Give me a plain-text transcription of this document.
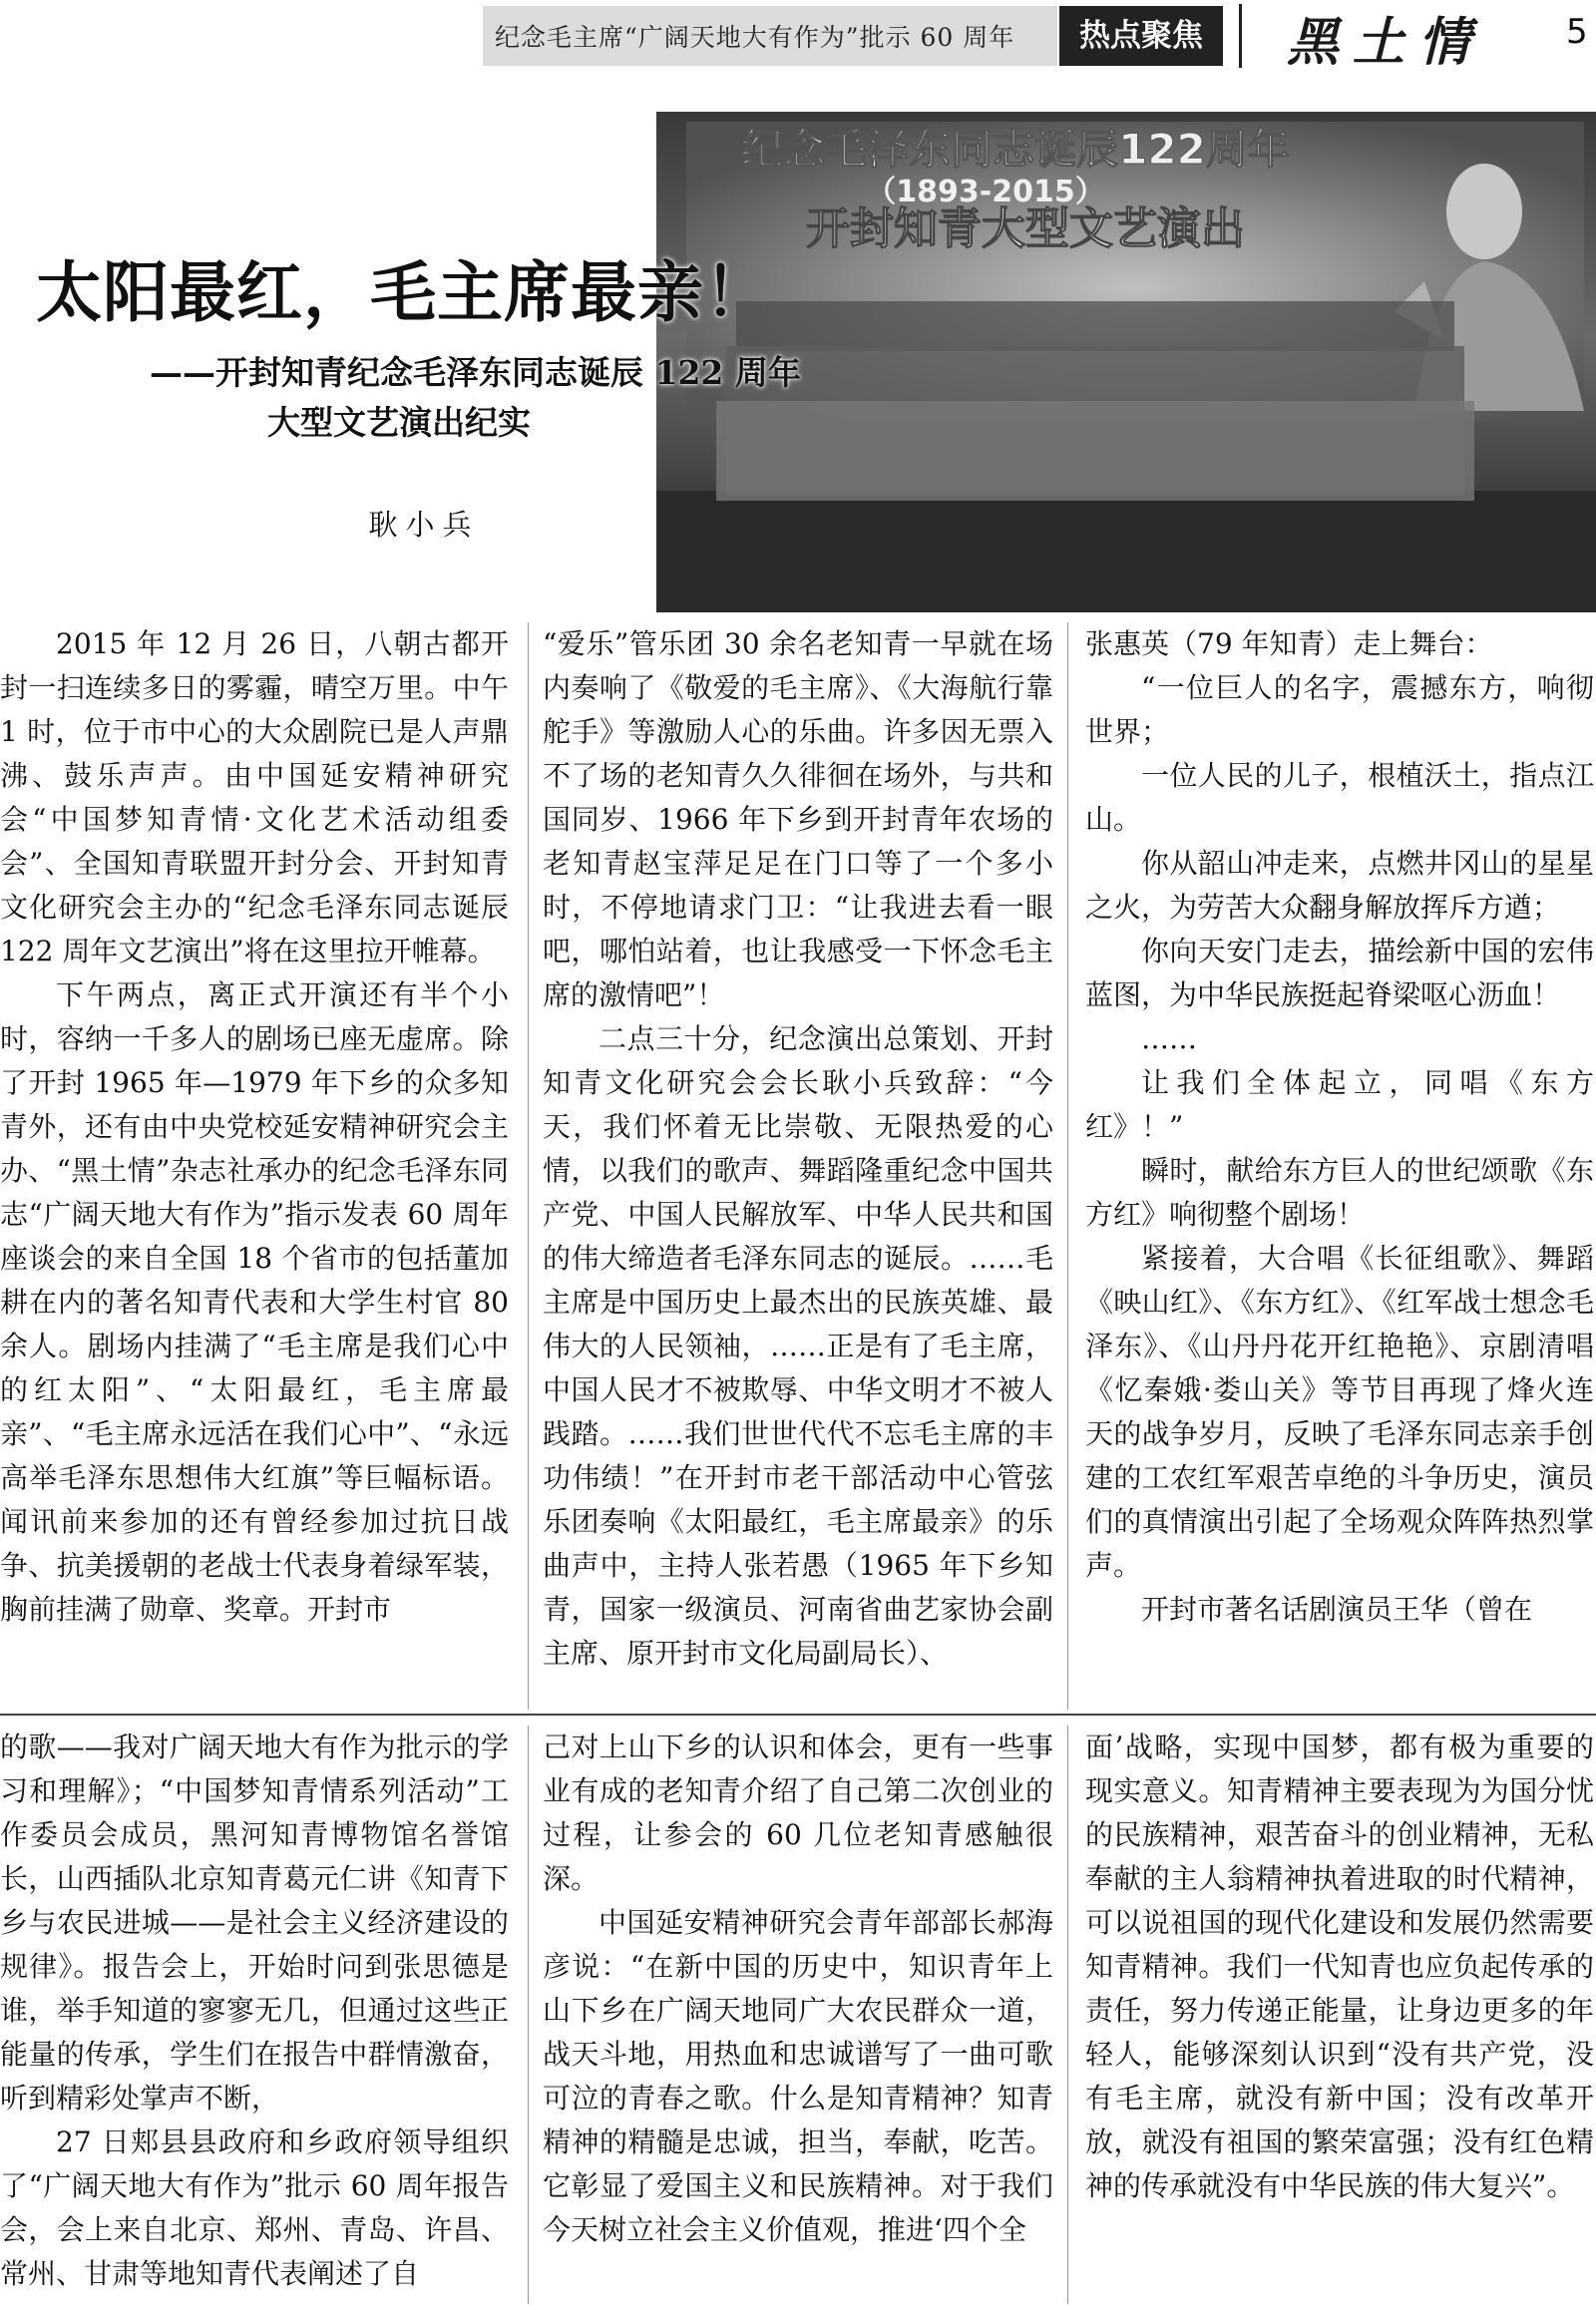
纪念毛主席“广阔天地大有作为”批示 60 周年	热点聚焦	黑土情 5
纪念毛泽东同志诞辰122周年
（1893-2015）
开封知青大型文艺演出
太阳最红，毛主席最亲！
——开封知青纪念毛泽东同志诞辰 122 周年
大型文艺演出纪实
耿小兵

2015 年 12 月 26 日，八朝古都开封一扫连续多日的雾霾，晴空万里。中午 1 时，位于市中心的大众剧院已是人声鼎沸、鼓乐声声。由中国延安精神研究会“中国梦知青情·文化艺术活动组委会”、全国知青联盟开封分会、开封知青文化研究会主办的“纪念毛泽东同志诞辰 122 周年文艺演出”将在这里拉开帷幕。

下午两点，离正式开演还有半个小时，容纳一千多人的剧场已座无虚席。除了开封 1965 年—1979 年下乡的众多知青外，还有由中央党校延安精神研究会主办、“黑土情”杂志社承办的纪念毛泽东同志“广阔天地大有作为”指示发表 60 周年座谈会的来自全国 18 个省市的包括董加耕在内的著名知青代表和大学生村官 80 余人。剧场内挂满了“毛主席是我们心中的红太阳”、“太阳最红，毛主席最亲”、“毛主席永远活在我们心中”、“永远高举毛泽东思想伟大红旗”等巨幅标语。闻讯前来参加的还有曾经参加过抗日战争、抗美援朝的老战士代表身着绿军装，胸前挂满了勋章、奖章。开封市

“爱乐”管乐团 30 余名老知青一早就在场内奏响了《敬爱的毛主席》、《大海航行靠舵手》等激励人心的乐曲。许多因无票入不了场的老知青久久徘徊在场外，与共和国同岁、1966 年下乡到开封青年农场的老知青赵宝萍足足在门口等了一个多小时，不停地请求门卫：“让我进去看一眼吧，哪怕站着，也让我感受一下怀念毛主席的激情吧”！

二点三十分，纪念演出总策划、开封知青文化研究会会长耿小兵致辞：“今天，我们怀着无比崇敬、无限热爱的心情，以我们的歌声、舞蹈隆重纪念中国共产党、中国人民解放军、中华人民共和国的伟大缔造者毛泽东同志的诞辰。……毛主席是中国历史上最杰出的民族英雄、最伟大的人民领袖，……正是有了毛主席，中国人民才不被欺辱、中华文明才不被人践踏。……我们世世代代不忘毛主席的丰功伟绩！”在开封市老干部活动中心管弦乐团奏响《太阳最红，毛主席最亲》的乐曲声中，主持人张若愚（1965 年下乡知青，国家一级演员、河南省曲艺家协会副主席、原开封市文化局副局长）、

张惠英（79 年知青）走上舞台：

“一位巨人的名字，震撼东方，响彻世界；

一位人民的儿子，根植沃土，指点江山。

你从韶山冲走来，点燃井冈山的星星之火，为劳苦大众翻身解放挥斥方遒；

你向天安门走去，描绘新中国的宏伟蓝图，为中华民族挺起脊梁呕心沥血！

……

让我们全体起立，同唱《东方红》！”

瞬时，献给东方巨人的世纪颂歌《东方红》响彻整个剧场！

紧接着，大合唱《长征组歌》、舞蹈《映山红》、《东方红》、《红军战士想念毛泽东》、《山丹丹花开红艳艳》、京剧清唱《忆秦娥·娄山关》等节目再现了烽火连天的战争岁月，反映了毛泽东同志亲手创建的工农红军艰苦卓绝的斗争历史，演员们的真情演出引起了全场观众阵阵热烈掌声。

开封市著名话剧演员王华（曾在

的歌——我对广阔天地大有作为批示的学习和理解》；“中国梦知青情系列活动”工作委员会成员，黑河知青博物馆名誉馆长，山西插队北京知青葛元仁讲《知青下乡与农民进城——是社会主义经济建设的规律》。报告会上，开始时问到张思德是谁，举手知道的寥寥无几，但通过这些正能量的传承，学生们在报告中群情激奋，听到精彩处掌声不断，

27 日郏县县政府和乡政府领导组织了“广阔天地大有作为”批示 60 周年报告会，会上来自北京、郑州、青岛、许昌、常州、甘肃等地知青代表阐述了自

己对上山下乡的认识和体会，更有一些事业有成的老知青介绍了自己第二次创业的过程，让参会的 60 几位老知青感触很深。

中国延安精神研究会青年部部长郝海彦说：“在新中国的历史中，知识青年上山下乡在广阔天地同广大农民群众一道，战天斗地，用热血和忠诚谱写了一曲可歌可泣的青春之歌。什么是知青精神？知青精神的精髓是忠诚，担当，奉献，吃苦。它彰显了爱国主义和民族精神。对于我们今天树立社会主义价值观，推进‘四个全

面’战略，实现中国梦，都有极为重要的现实意义。知青精神主要表现为为国分忧的民族精神，艰苦奋斗的创业精神，无私奉献的主人翁精神执着进取的时代精神，可以说祖国的现代化建设和发展仍然需要知青精神。我们一代知青也应负起传承的责任，努力传递正能量，让身边更多的年轻人，能够深刻认识到“没有共产党，没有毛主席，就没有新中国；没有改革开放，就没有祖国的繁荣富强；没有红色精神的传承就没有中华民族的伟大复兴”。
